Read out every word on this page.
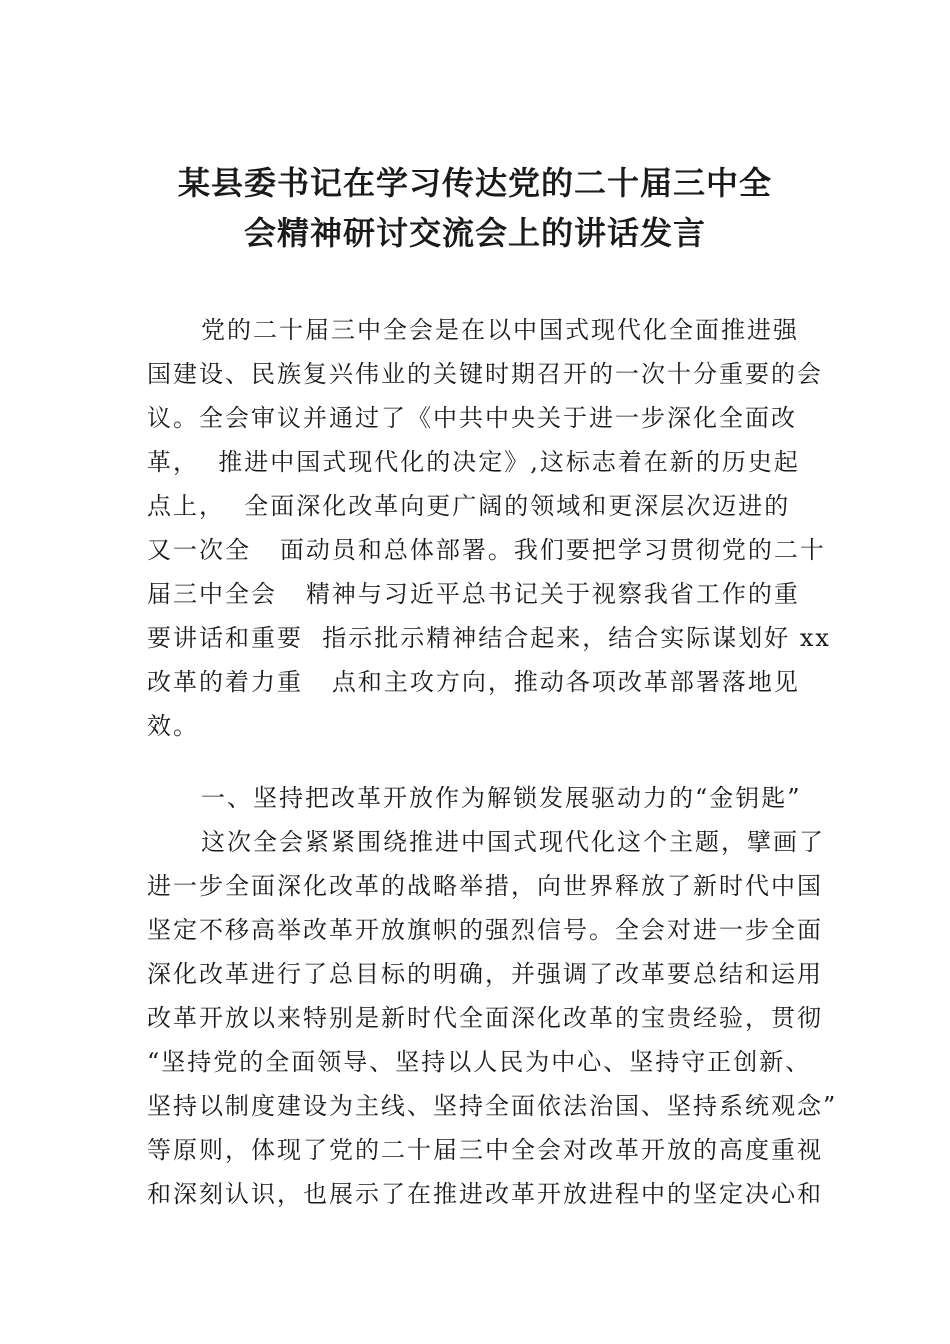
某县委书记在学习传达党的二十届三中全
会精神研讨交流会上的讲话发言
党的二十届三中全会是在以中国式现代化全面推进强
国建设、民族复兴伟业的关键时期召开的一次十分重要的会
议。全会审议并通过了《中共中央关于进一步深化全面改
革，  推进中国式现代化的决定》,这标志着在新的历史起
点上，  全面深化改革向更广阔的领域和更深层次迈进的
又一次全   面动员和总体部署。我们要把学习贯彻党的二十
届三中全会   精神与习近平总书记关于视察我省工作的重
要讲话和重要  指示批示精神结合起来，结合实际谋划好 xx
改革的着力重   点和主攻方向，推动各项改革部署落地见
效。
一、坚持把改革开放作为解锁发展驱动力的“金钥匙”
这次全会紧紧围绕推进中国式现代化这个主题，擘画了
进一步全面深化改革的战略举措，向世界释放了新时代中国
坚定不移高举改革开放旗帜的强烈信号。全会对进一步全面
深化改革进行了总目标的明确，并强调了改革要总结和运用
改革开放以来特别是新时代全面深化改革的宝贵经验，贯彻
“坚持党的全面领导、坚持以人民为中心、坚持守正创新、
坚持以制度建设为主线、坚持全面依法治国、坚持系统观念”
等原则，体现了党的二十届三中全会对改革开放的高度重视
和深刻认识，也展示了在推进改革开放进程中的坚定决心和
